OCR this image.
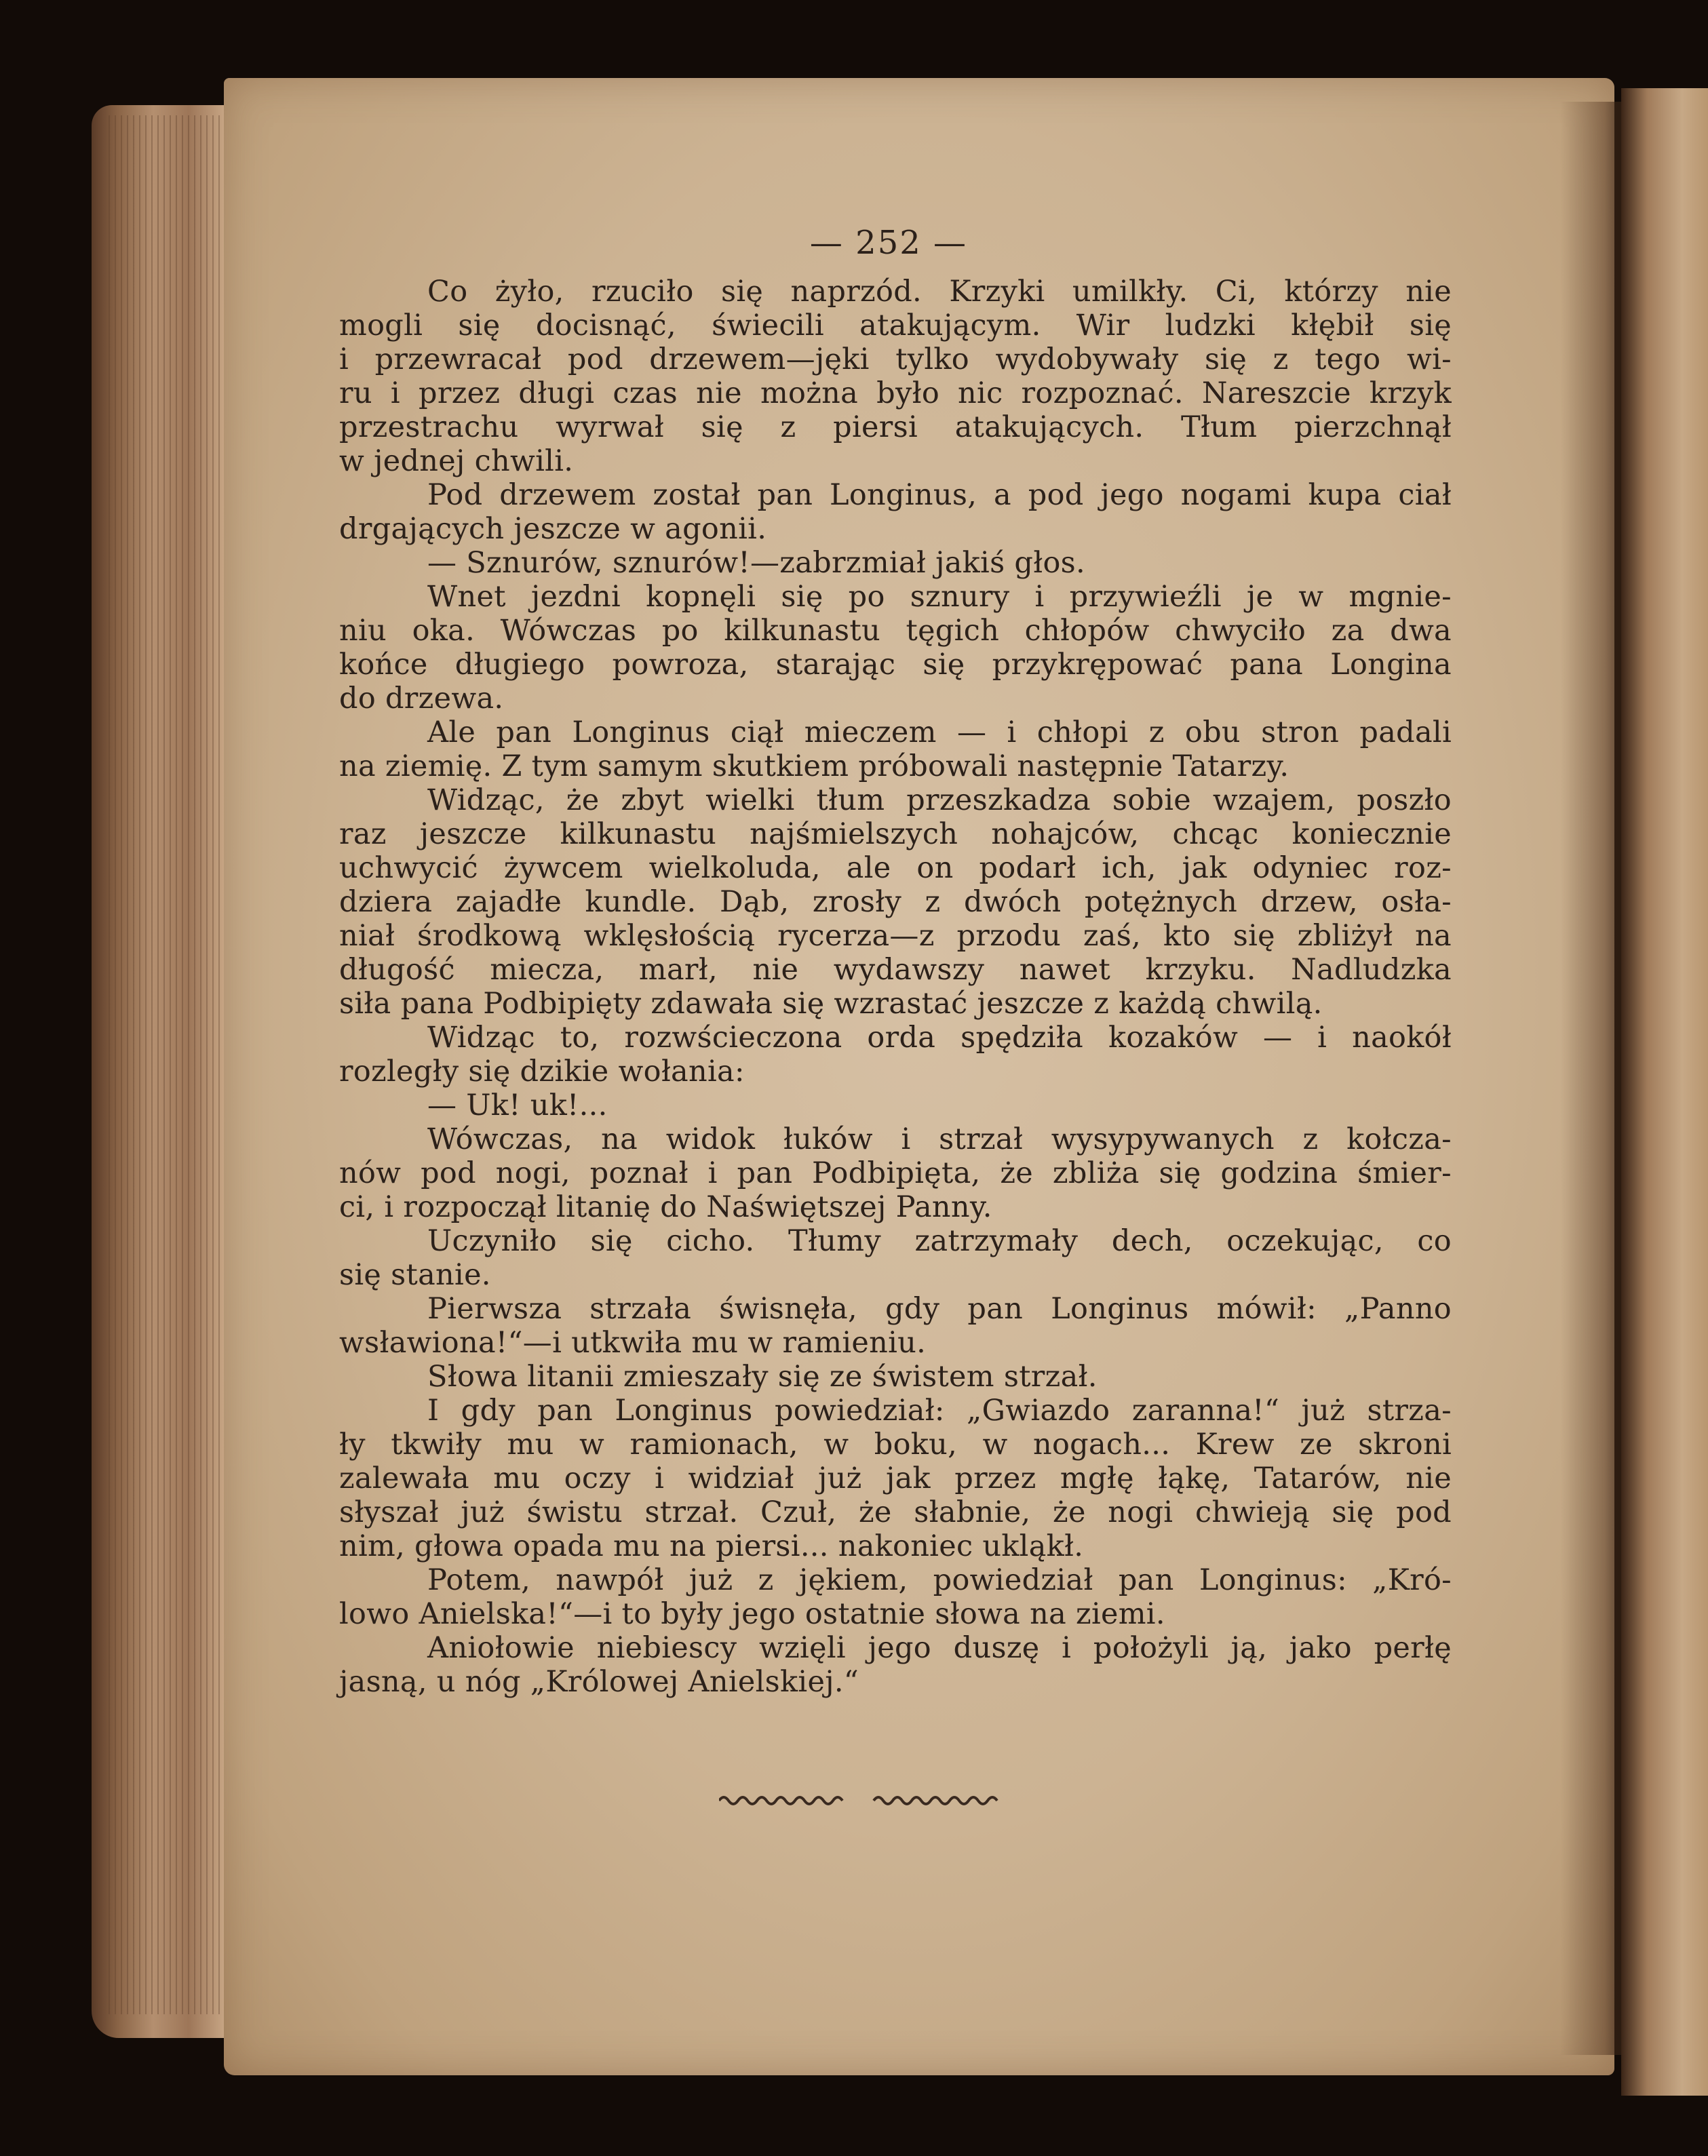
— 252 —
Co żyło, rzuciło się naprzód. Krzyki umilkły. Ci, którzy nie
mogli się docisnąć, świecili atakującym. Wir ludzki kłębił się
i przewracał pod drzewem—jęki tylko wydobywały się z tego wi-
ru i przez długi czas nie można było nic rozpoznać. Nareszcie krzyk
przestrachu wyrwał się z piersi atakujących. Tłum pierzchnął
w jednej chwili.
Pod drzewem został pan Longinus, a pod jego nogami kupa ciał
drgających jeszcze w agonii.
— Sznurów, sznurów!—zabrzmiał jakiś głos.
Wnet jezdni kopnęli się po sznury i przywieźli je w mgnie-
niu oka. Wówczas po kilkunastu tęgich chłopów chwyciło za dwa
końce długiego powroza, starając się przykrępować pana Longina
do drzewa.
Ale pan Longinus ciął mieczem — i chłopi z obu stron padali
na ziemię. Z tym samym skutkiem próbowali następnie Tatarzy.
Widząc, że zbyt wielki tłum przeszkadza sobie wzajem, poszło
raz jeszcze kilkunastu najśmielszych nohajców, chcąc koniecznie
uchwycić żywcem wielkoluda, ale on podarł ich, jak odyniec roz-
dziera zajadłe kundle. Dąb, zrosły z dwóch potężnych drzew, osła-
niał środkową wklęsłością rycerza—z przodu zaś, kto się zbliżył na
długość miecza, marł, nie wydawszy nawet krzyku. Nadludzka
siła pana Podbipięty zdawała się wzrastać jeszcze z każdą chwilą.
Widząc to, rozwścieczona orda spędziła kozaków — i naokół
rozległy się dzikie wołania:
— Uk! uk!...
Wówczas, na widok łuków i strzał wysypywanych z kołcza-
nów pod nogi, poznał i pan Podbipięta, że zbliża się godzina śmier-
ci, i rozpoczął litanię do Naświętszej Panny.
Uczyniło się cicho. Tłumy zatrzymały dech, oczekując, co
się stanie.
Pierwsza strzała świsnęła, gdy pan Longinus mówił: „Panno
wsławiona!“—i utkwiła mu w ramieniu.
Słowa litanii zmieszały się ze świstem strzał.
I gdy pan Longinus powiedział: „Gwiazdo zaranna!“ już strza-
ły tkwiły mu w ramionach, w boku, w nogach... Krew ze skroni
zalewała mu oczy i widział już jak przez mgłę łąkę, Tatarów, nie
słyszał już świstu strzał. Czuł, że słabnie, że nogi chwieją się pod
nim, głowa opada mu na piersi... nakoniec ukląkł.
Potem, nawpół już z jękiem, powiedział pan Longinus: „Kró-
lowo Anielska!“—i to były jego ostatnie słowa na ziemi.
Aniołowie niebiescy wzięli jego duszę i położyli ją, jako perłę
jasną, u nóg „Królowej Anielskiej.“
